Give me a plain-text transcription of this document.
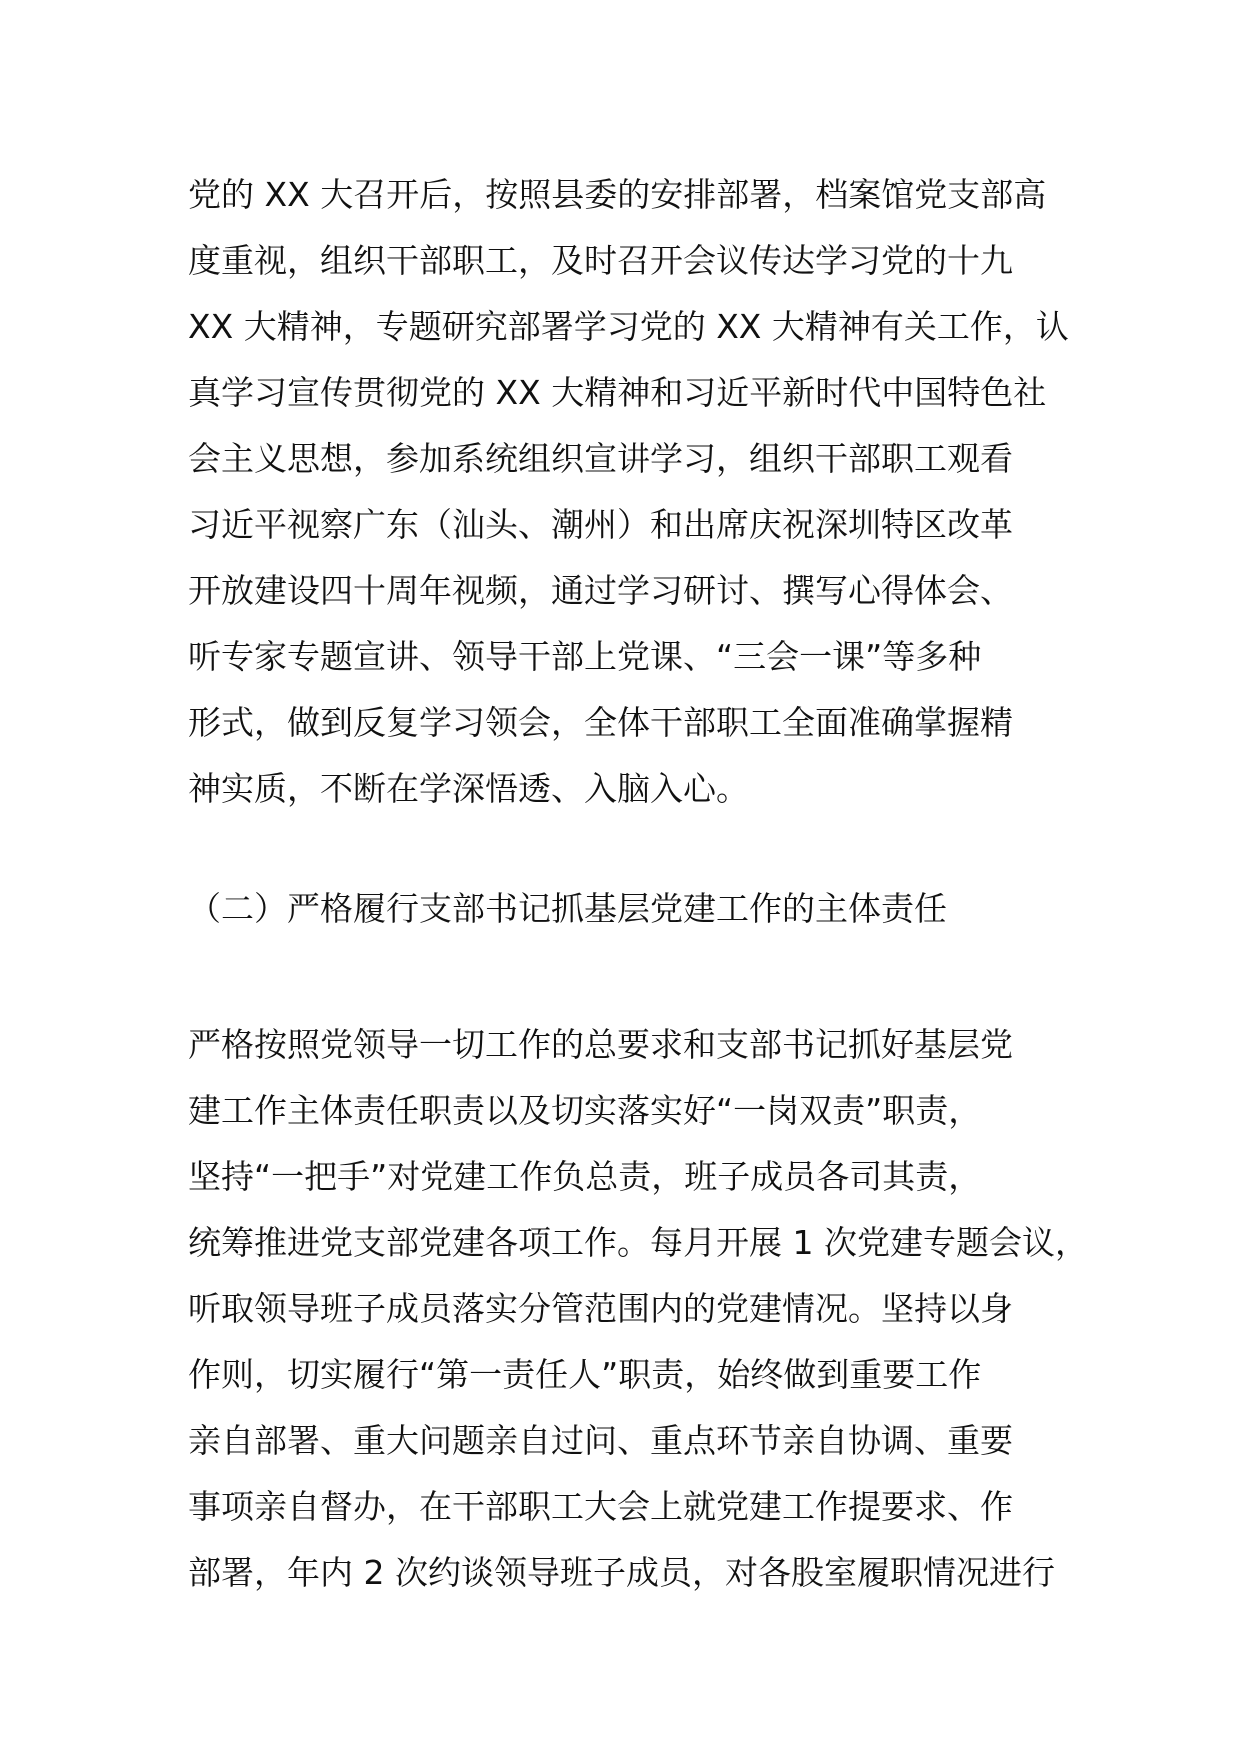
党的 XX 大召开后，按照县委的安排部署，档案馆党支部高
度重视，组织干部职工，及时召开会议传达学习党的十九
XX 大精神，专题研究部署学习党的 XX 大精神有关工作，认
真学习宣传贯彻党的 XX 大精神和习近平新时代中国特色社
会主义思想，参加系统组织宣讲学习，组织干部职工观看
习近平视察广东（汕头、潮州）和出席庆祝深圳特区改革
开放建设四十周年视频，通过学习研讨、撰写心得体会、
听专家专题宣讲、领导干部上党课、“三会一课”等多种
形式，做到反复学习领会，全体干部职工全面准确掌握精
神实质，不断在学深悟透、入脑入心。
（二）严格履行支部书记抓基层党建工作的主体责任
严格按照党领导一切工作的总要求和支部书记抓好基层党
建工作主体责任职责以及切实落实好“一岗双责”职责，
坚持“一把手”对党建工作负总责，班子成员各司其责，
统筹推进党支部党建各项工作。每月开展 1 次党建专题会议，
听取领导班子成员落实分管范围内的党建情况。坚持以身
作则，切实履行“第一责任人”职责，始终做到重要工作
亲自部署、重大问题亲自过问、重点环节亲自协调、重要
事项亲自督办，在干部职工大会上就党建工作提要求、作
部署，年内 2 次约谈领导班子成员，对各股室履职情况进行
